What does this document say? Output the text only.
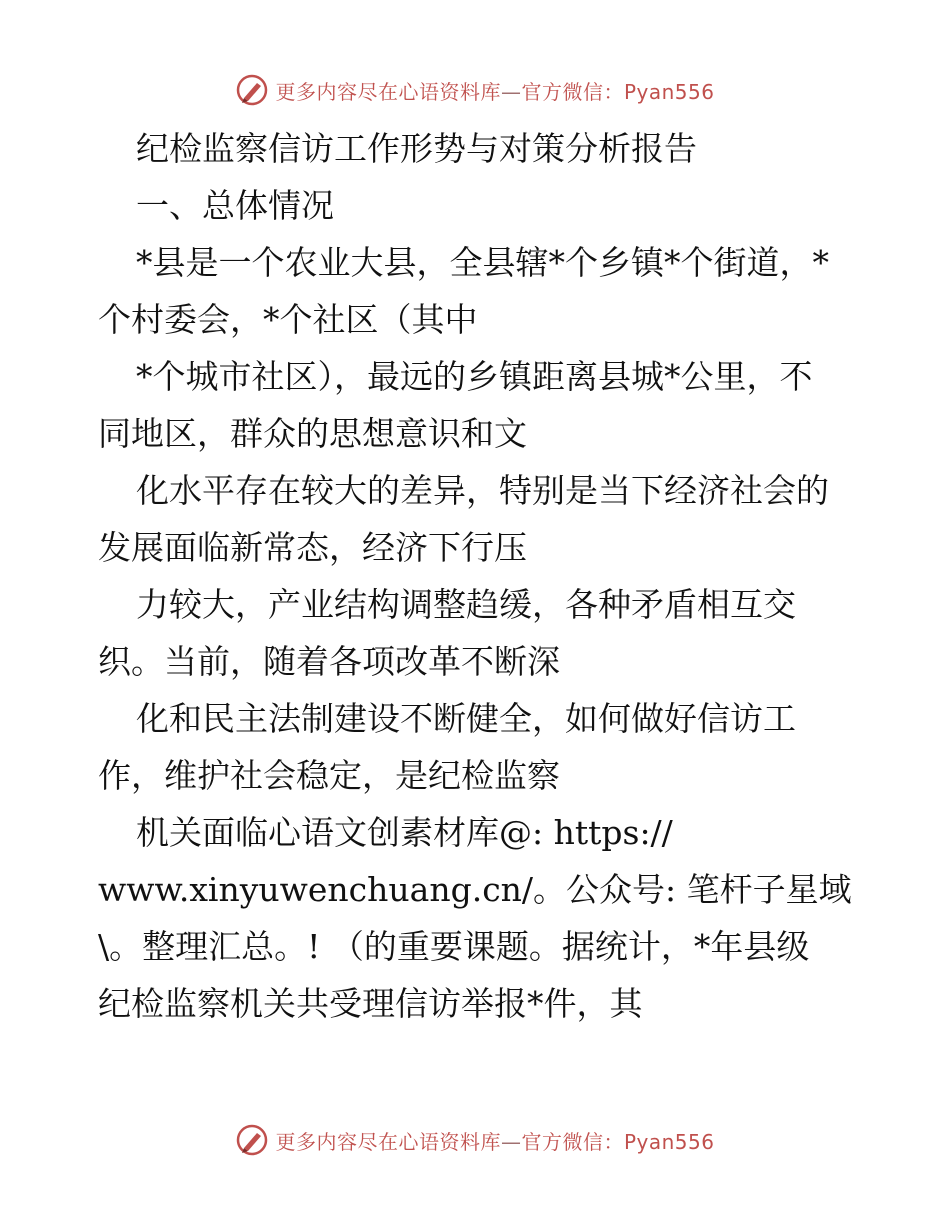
更多内容尽在心语资料库—官方微信：Pyan556
纪检监察信访工作形势与对策分析报告
一、总体情况
*县是一个农业大县，全县辖*个乡镇*个街道，*
个村委会，*个社区（其中
*个城市社区），最远的乡镇距离县城*公里，不
同地区，群众的思想意识和文
化水平存在较大的差异，特别是当下经济社会的
发展面临新常态，经济下行压
力较大，产业结构调整趋缓，各种矛盾相互交
织。当前，随着各项改革不断深
化和民主法制建设不断健全，如何做好信访工
作，维护社会稳定，是纪检监察
机关面临心语文创素材库@: https://
www.xinyuwenchuang.cn/。公众号: 笔杆子星域
\。整理汇总。! （的重要课题。据统计，*年县级
纪检监察机关共受理信访举报*件，其
更多内容尽在心语资料库—官方微信：Pyan556
